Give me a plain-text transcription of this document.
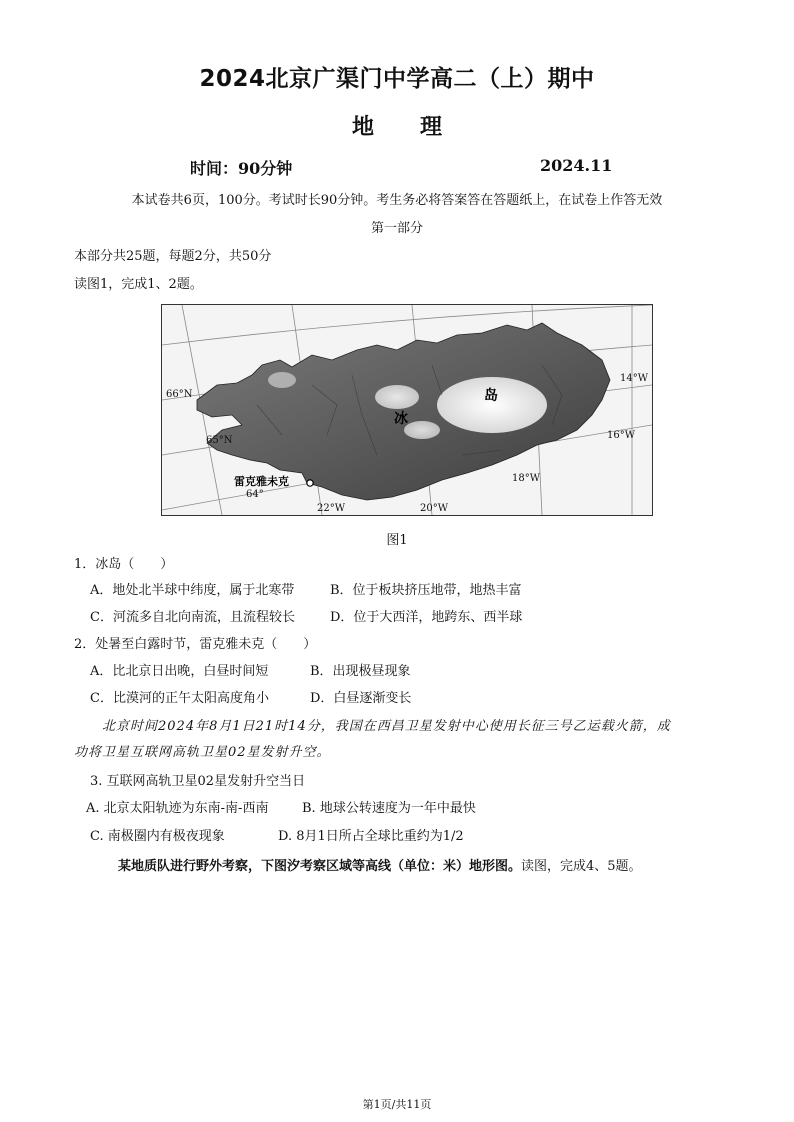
2024北京广渠门中学高二（上）期中
地 理
时间：90分钟	2024.11
本试卷共6页，100分。考试时长90分钟。考生务必将答案答在答题纸上，在试卷上作答无效
第一部分
本部分共25题，每题2分，共50分
读图1，完成1、2题。
66°N
65°N
64°
14°W
16°W
18°W
20°W
22°W
冰
岛
雷克雅未克
图1
1．冰岛（　　）
A．地处北半球中纬度，属于北寒带	B．位于板块挤压地带，地热丰富
C．河流多自北向南流，且流程较长	D．位于大西洋，地跨东、西半球
2．处暑至白露时节，雷克雅未克（　　）
A．比北京日出晚，白昼时间短	B．出现极昼现象
C．比漠河的正午太阳高度角小	D．白昼逐渐变长
北京时间2024年8月1日21时14分，我国在西昌卫星发射中心使用长征三号乙运载火箭，成
功将卫星互联网高轨卫星02星发射升空。
3. 互联网高轨卫星02星发射升空当日
A. 北京太阳轨迹为东南-南-西南	B. 地球公转速度为一年中最快
C. 南极圈内有极夜现象	D. 8月1日所占全球比重约为1/2
某地质队进行野外考察，下图汐考察区域等高线（单位：米）地形图。读图，完成4、5题。
第1页/共11页
